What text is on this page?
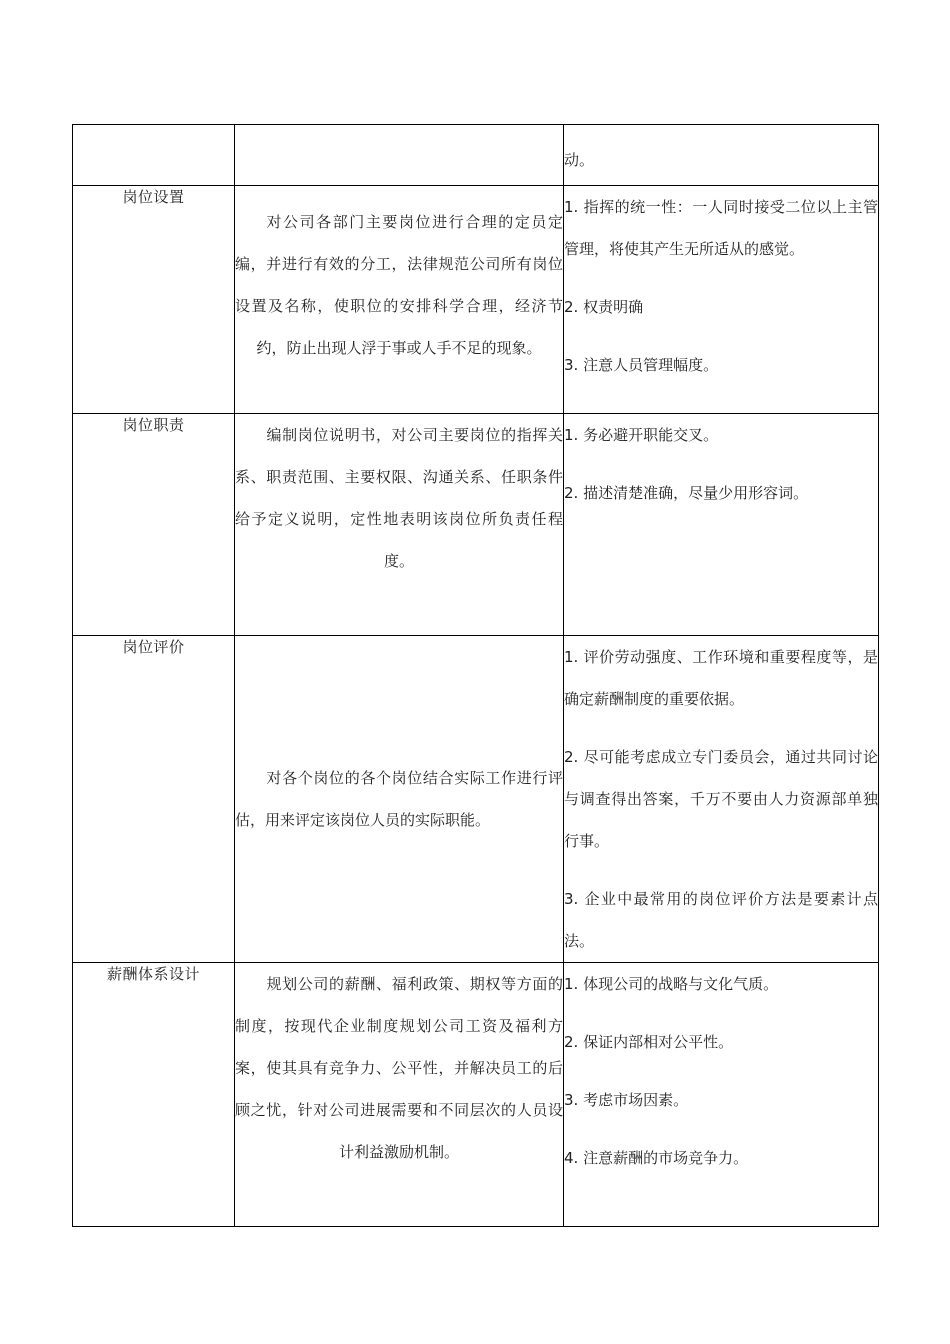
		动。

岗位设置	对公司各部门主要岗位进行合理的定员定编，并进行有效的分工，法律规范公司所有岗位设置及名称，使职位的安排科学合理，经济节约，防止出现人浮于事或人手不足的现象。	1. 指挥的统一性：一人同时接受二位以上主管管理，将使其产生无所适从的感觉。
2. 权责明确
3. 注意人员管理幅度。

岗位职责	编制岗位说明书，对公司主要岗位的指挥关系、职责范围、主要权限、沟通关系、任职条件给予定义说明，定性地表明该岗位所负责任程度。	1. 务必避开职能交叉。
2. 描述清楚准确，尽量少用形容词。

岗位评价	对各个岗位的各个岗位结合实际工作进行评估，用来评定该岗位人员的实际职能。	1. 评价劳动强度、工作环境和重要程度等，是确定薪酬制度的重要依据。
2. 尽可能考虑成立专门委员会，通过共同讨论与调查得出答案，千万不要由人力资源部单独行事。
3. 企业中最常用的岗位评价方法是要素计点法。

薪酬体系设计	规划公司的薪酬、福利政策、期权等方面的制度，按现代企业制度规划公司工资及福利方案，使其具有竞争力、公平性，并解决员工的后顾之忧，针对公司进展需要和不同层次的人员设计利益激励机制。	1. 体现公司的战略与文化气质。
2. 保证内部相对公平性。
3. 考虑市场因素。
4. 注意薪酬的市场竞争力。
